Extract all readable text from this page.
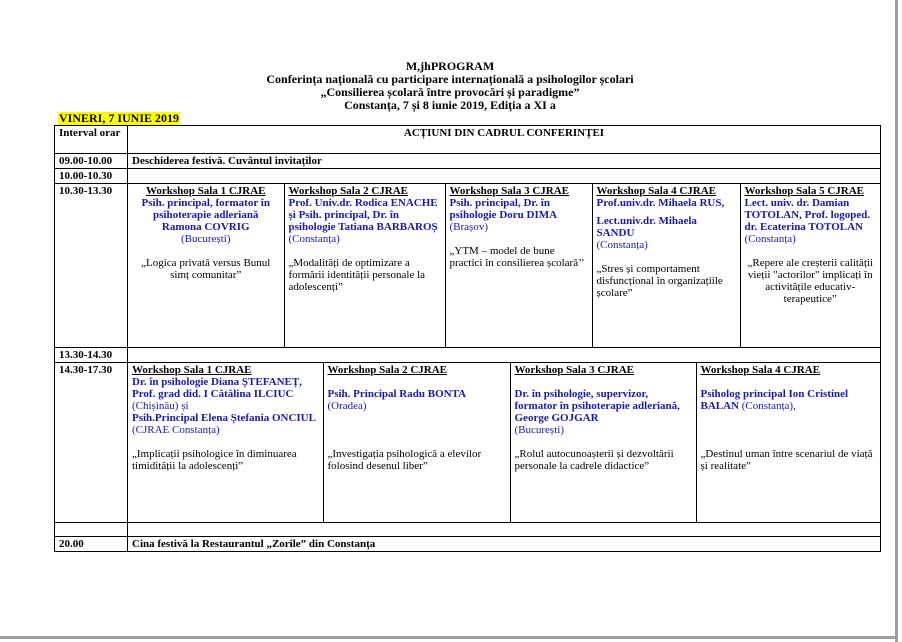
M,jhPROGRAM
Conferința națională cu participare internațională a psihologilor școlari
„Consilierea școlară între provocări și paradigme”
Constanța, 7 și 8 iunie 2019, Ediția a XI a
VINERI, 7 IUNIE 2019
Interval orar	ACȚIUNI DIN CADRUL CONFERINȚEI
09.00-10.00	Deschiderea festivă. Cuvântul invitaților
10.00-10.30	
10.30-13.30		Workshop Sala 1 CJRAE
Psih. principal, formator în psihoterapie adleriană Ramona COVRIG
(București)
„Logica privată versus Bunul simț comunitar”

Workshop Sala 2 CJRAE
Prof. Univ.dr. Rodica ENACHE și Psih. principal, Dr. în psihologie Tatiana BARBAROȘ
(Constanța)
„Modalități de optimizare a formării identității personale la adolescenți”

Workshop Sala 3 CJRAE
Psih. principal, Dr. în psihologie Doru DIMA
(Brașov)
„YTM – model de bune practici în consilierea școlară’’

Workshop Sala 4 CJRAE
Prof.univ.dr. Mihaela RUS,
Lect.univ.dr. Mihaela SANDU
(Constanța)
„Stres și comportament disfuncțional în organizațiile școlare”

Workshop Sala 5 CJRAE
Lect. univ. dr. Damian TOTOLAN, Prof. logoped. dr. Ecaterina TOTOLAN
(Constanța)
„Repere ale creșterii calității vieții "actorilor" implicați în activitățile educativ-terapeutice”

13.30-14.30	
14.30-17.30	Workshop Sala 1 CJRAE
Dr. în psihologie Diana ȘTEFANEȚ, Prof. grad did. I Cătălina ILCIUC (Chișinău) și
Psih.Principal Elena Ștefania ONCIUL (CJRAE Constanța)
„Implicații psihologice în diminuarea timidității la adolescenți”

Workshop Sala 2 CJRAE
Psih. Principal Radu BONTA
(Oradea)
„Investigația psihologică a elevilor folosind desenul liber”

Workshop Sala 3 CJRAE
Dr. în psihologie, supervizor, formator în psihoterapie adleriană, George GOJGAR
(București)
„Rolul autocunoașterii și dezvoltării personale la cadrele didactice”

Workshop Sala 4 CJRAE
Psiholog principal Ion Cristinel BALAN (Constanța),
„Destinul uman între scenariul de viață și realitate”

20.00	Cina festivă la Restaurantul „Zorile” din Constanța
